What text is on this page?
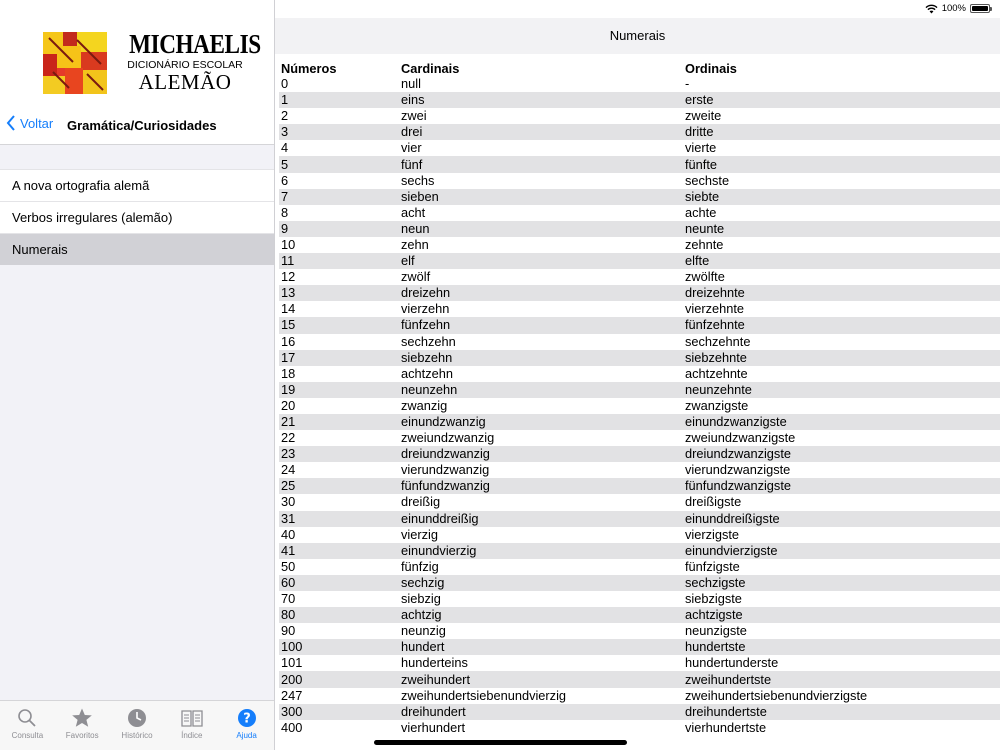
100%
MICHAELIS
DICIONÁRIO ESCOLAR
ALEMÃO
Voltar Gramática/Curiosidades
A nova ortografia alemã
Verbos irregulares (alemão)
Numerais
Consulta	Favoritos	Histórico	Índice
?
Ajuda
Numerais
Números	Cardinais	Ordinais
0	null	-
1	eins	erste
2	zwei	zweite
3	drei	dritte
4	vier	vierte
5	fünf	fünfte
6	sechs	sechste
7	sieben	siebte
8	acht	achte
9	neun	neunte
10	zehn	zehnte
11	elf	elfte
12	zwölf	zwölfte
13	dreizehn	dreizehnte
14	vierzehn	vierzehnte
15	fünfzehn	fünfzehnte
16	sechzehn	sechzehnte
17	siebzehn	siebzehnte
18	achtzehn	achtzehnte
19	neunzehn	neunzehnte
20	zwanzig	zwanzigste
21	einundzwanzig	einundzwanzigste
22	zweiundzwanzig	zweiundzwanzigste
23	dreiundzwanzig	dreiundzwanzigste
24	vierundzwanzig	vierundzwanzigste
25	fünfundzwanzig	fünfundzwanzigste
30	dreißig	dreißigste
31	einunddreißig	einunddreißigste
40	vierzig	vierzigste
41	einundvierzig	einundvierzigste
50	fünfzig	fünfzigste
60	sechzig	sechzigste
70	siebzig	siebzigste
80	achtzig	achtzigste
90	neunzig	neunzigste
100	hundert	hundertste
101	hunderteins	hundertunderste
200	zweihundert	zweihundertste
247	zweihundertsiebenundvierzig	zweihundertsiebenundvierzigste
300	dreihundert	dreihundertste
400	vierhundert	vierhundertste
